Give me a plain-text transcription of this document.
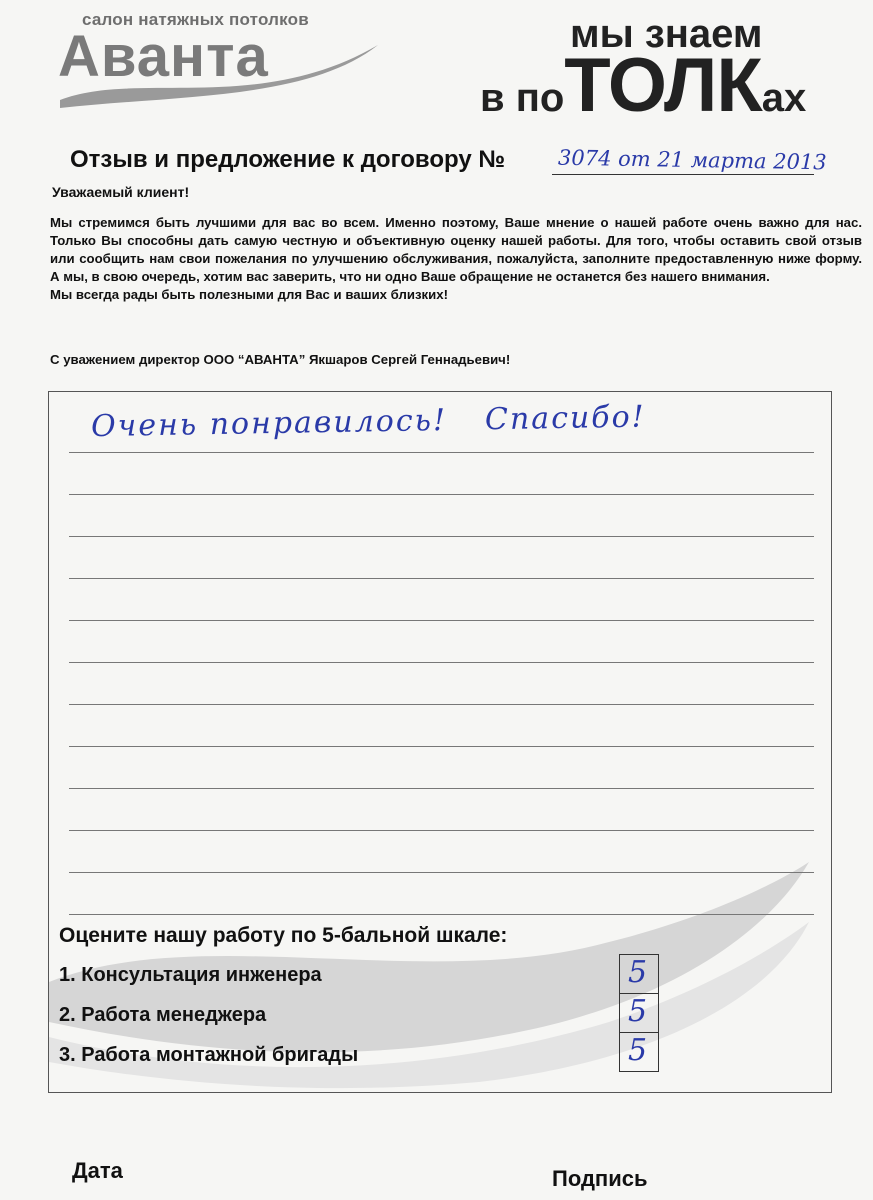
салон натяжных потолков
Аванта	мы знаем
в поТОЛКах
Отзыв и предложение к договору №	3074 от 21 марта 2013
Уважаемый клиент!

Мы стремимся быть лучшими для вас во всем. Именно поэтому, Ваше мнение о нашей работе очень важно для нас. Только Вы способны дать самую честную и объективную оценку нашей работы. Для того, чтобы оставить свой отзыв или сообщить нам свои пожелания по улучшению обслуживания, пожалуйста, заполните предоставленную ниже форму. А мы, в свою очередь, хотим вас заверить, что ни одно Ваше обращение не останется без нашего внимания.

Мы всегда рады быть полезными для Вас и ваших близких!

С уважением директор ООО “АВАНТА” Якшаров Сергей Геннадьевич!
Очень понравилось! Спасибо!
Оцените нашу работу по 5-бальной шкале:
1. Консультация инженера	5
2. Работа менеджера	5
3. Работа монтажной бригады	5
Дата	Подпись
